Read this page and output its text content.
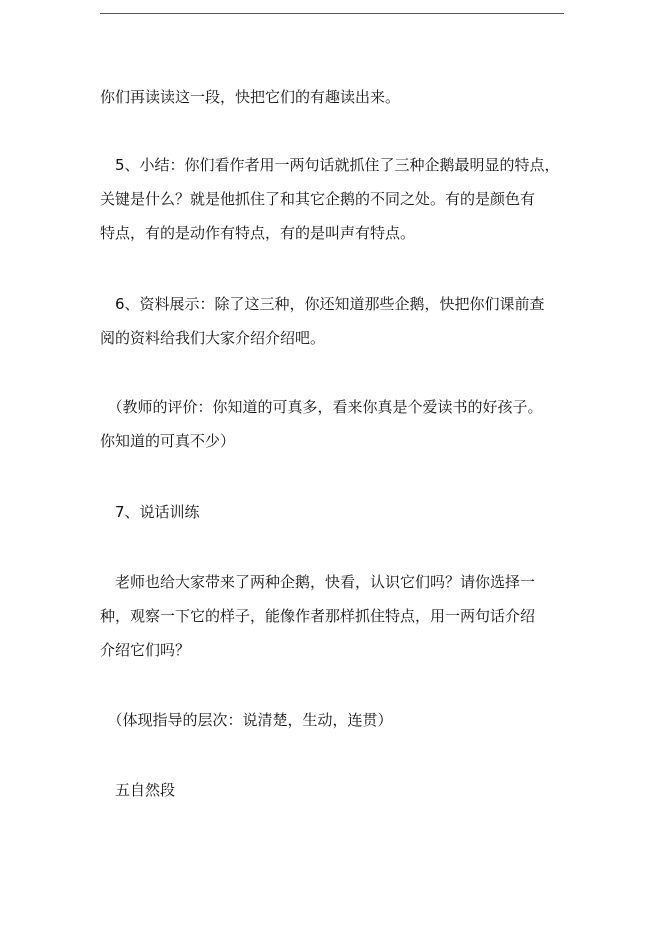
你们再读读这一段，快把它们的有趣读出来。
　5、小结：你们看作者用一两句话就抓住了三种企鹅最明显的特点，
关键是什么？就是他抓住了和其它企鹅的不同之处。有的是颜色有
特点，有的是动作有特点，有的是叫声有特点。
　6、资料展示：除了这三种，你还知道那些企鹅，快把你们课前查
阅的资料给我们大家介绍介绍吧。
　（教师的评价：你知道的可真多，看来你真是个爱读书的好孩子。
你知道的可真不少）
　7、说话训练
　老师也给大家带来了两种企鹅，快看，认识它们吗？请你选择一
种，观察一下它的样子，能像作者那样抓住特点，用一两句话介绍
介绍它们吗？
　（体现指导的层次：说清楚，生动，连贯）
　五自然段
